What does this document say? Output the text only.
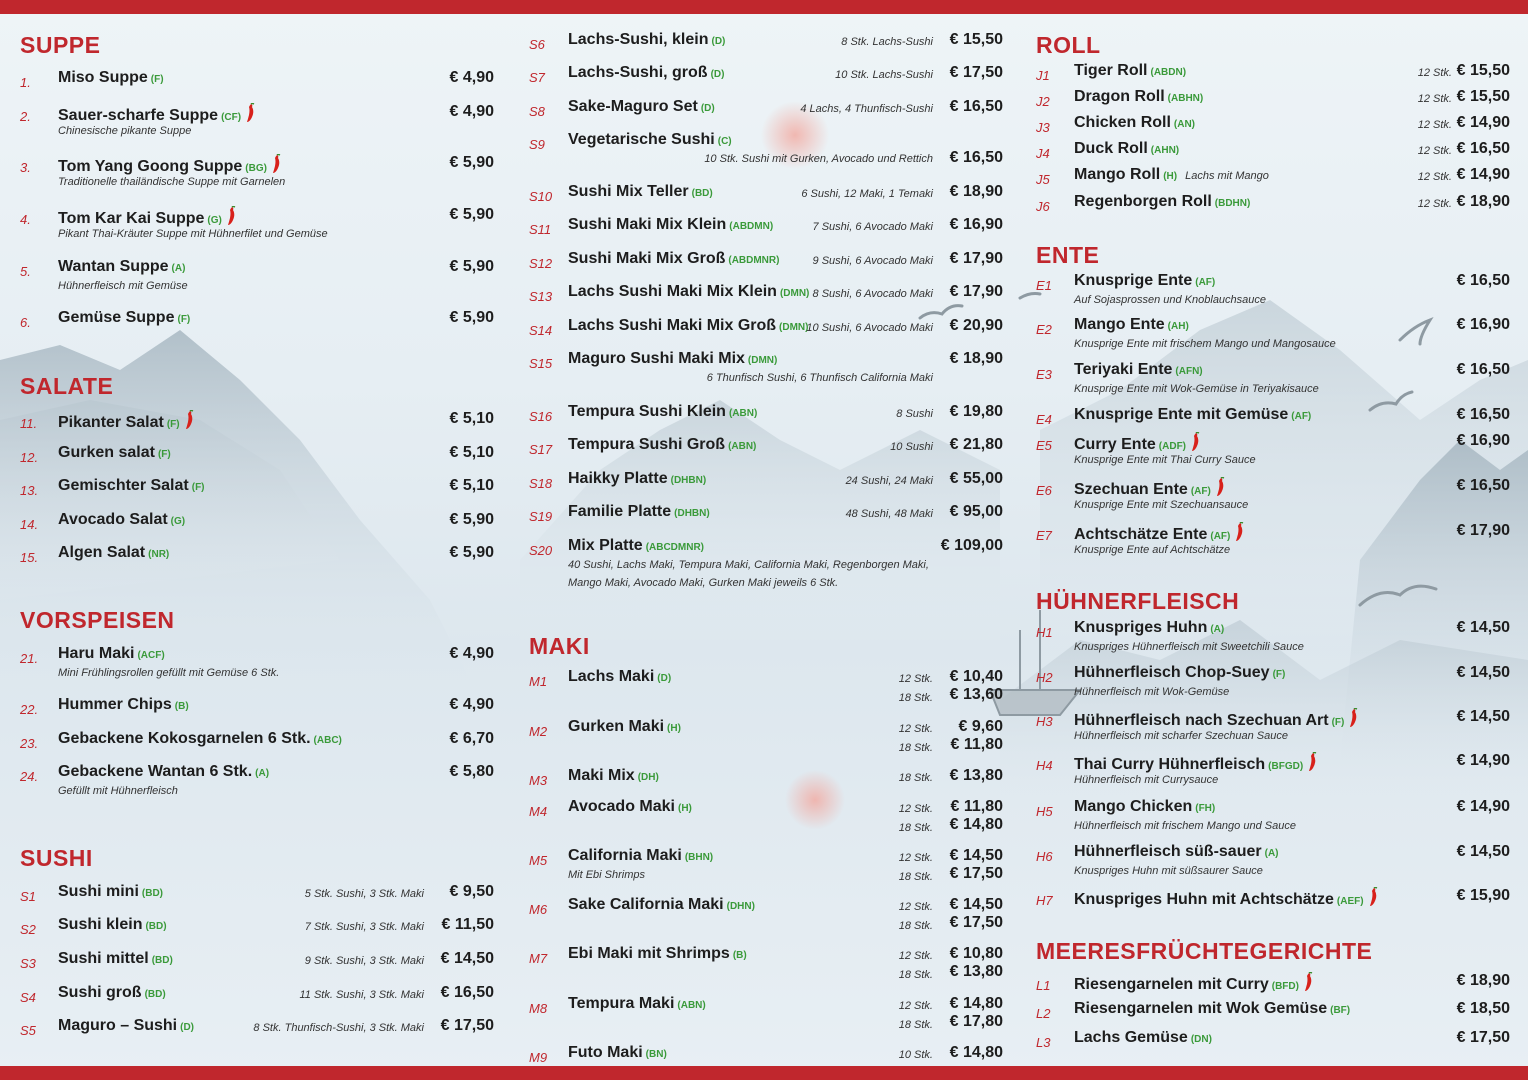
SUPPE
1. Miso Suppe (F)	€ 4,90
2. Sauer-scharfe Suppe (CF)
Chinesische pikante Suppe
€ 4,90
3. Tom Yang Goong Suppe (BG)
Traditionelle thailändische Suppe mit Garnelen
€ 5,90
4. Tom Kar Kai Suppe (G)
Pikant Thai-Kräuter Suppe mit Hühnerfilet und Gemüse
€ 5,90
5. Wantan Suppe (A)
Hühnerfleisch mit Gemüse
€ 5,90
6. Gemüse Suppe (F)	€ 5,90
SALATE
11. Pikanter Salat (F)	€ 5,10
12. Gurken salat (F)	€ 5,10
13. Gemischter Salat (F)	€ 5,10
14. Avocado Salat (G)	€ 5,90
15. Algen Salat (NR)	€ 5,90
VORSPEISEN
21. Haru Maki (ACF)
Mini Frühlingsrollen gefüllt mit Gemüse 6 Stk.
€ 4,90
22. Hummer Chips (B)	€ 4,90
23. Gebackene Kokosgarnelen 6 Stk. (ABC)	€ 6,70
24. Gebackene Wantan 6 Stk. (A)
Gefüllt mit Hühnerfleisch
€ 5,80
SUSHI
S1 Sushi mini (BD)	5 Stk. Sushi, 3 Stk. Maki € 9,50
S2 Sushi klein (BD)	7 Stk. Sushi, 3 Stk. Maki € 11,50
S3 Sushi mittel (BD)	9 Stk. Sushi, 3 Stk. Maki € 14,50
S4 Sushi groß (BD)	11 Stk. Sushi, 3 Stk. Maki € 16,50
S5 Maguro – Sushi (D)	8 Stk. Thunfisch-Sushi, 3 Stk. Maki € 17,50
S6 Lachs-Sushi, klein (D)	8 Stk. Lachs-Sushi € 15,50
S7 Lachs-Sushi, groß (D)	10 Stk. Lachs-Sushi € 17,50
S8 Sake-Maguro Set (D)	4 Lachs, 4 Thunfisch-Sushi € 16,50
S9 Vegetarische Sushi (C)
10 Stk. Sushi mit Gurken, Avocado und Rettich € 16,50
S10 Sushi Mix Teller (BD)	6 Sushi, 12 Maki, 1 Temaki € 18,90
S11 Sushi Maki Mix Klein (ABDMN)	7 Sushi, 6 Avocado Maki € 16,90
S12 Sushi Maki Mix Groß (ABDMNR)	9 Sushi, 6 Avocado Maki € 17,90
S13 Lachs Sushi Maki Mix Klein (DMN) 8 Sushi, 6 Avocado Maki € 17,90
S14 Lachs Sushi Maki Mix Groß (DMN)
10 Sushi, 6 Avocado Maki € 20,90
S15 Maguro Sushi Maki Mix (DMN)
6 Thunfisch Sushi, 6 Thunfisch California Maki
€ 18,90
S16 Tempura Sushi Klein (ABN)	8 Sushi € 19,80
S17 Tempura Sushi Groß (ABN)	10 Sushi € 21,80
S18 Haikky Platte (DHBN)	24 Sushi, 24 Maki € 55,00
S19 Familie Platte (DHBN)	48 Sushi, 48 Maki € 95,00
S20 Mix Platte (ABCDMNR)
40 Sushi, Lachs Maki, Tempura Maki, California Maki, Regenborgen Maki,
Mango Maki, Avocado Maki, Gurken Maki jeweils 6 Stk.
€ 109,00
MAKI
M1 Lachs Maki (D)	12 Stk. € 10,40
18 Stk. € 13,60
M2 Gurken Maki (H)	12 Stk. € 9,60
18 Stk. € 11,80
M3 Maki Mix (DH)	18 Stk. € 13,80
M4 Avocado Maki (H)	12 Stk. € 11,80
18 Stk. € 14,80
M5 California Maki (BHN)
Mit Ebi Shrimps
12 Stk. € 14,50
18 Stk. € 17,50
M6 Sake California Maki (DHN)	12 Stk. € 14,50
18 Stk. € 17,50
M7 Ebi Maki mit Shrimps (B)	12 Stk. € 10,80
18 Stk. € 13,80
M8 Tempura Maki (ABN)	12 Stk. € 14,80
18 Stk. € 17,80
M9 Futo Maki (BN)	10 Stk. € 14,80
ROLL
J1 Tiger Roll (ABDN)	12 Stk. € 15,50
J2 Dragon Roll (ABHN)	12 Stk. € 15,50
J3 Chicken Roll (AN)	12 Stk. € 14,90
J4 Duck Roll (AHN)	12 Stk. € 16,50
J5 Mango Roll (H) Lachs mit Mango	12 Stk. € 14,90
J6 Regenborgen Roll (BDHN)	12 Stk. € 18,90
ENTE
E1 Knusprige Ente (AF)
Auf Sojasprossen und Knoblauchsauce
€ 16,50
E2 Mango Ente (AH)
Knusprige Ente mit frischem Mango und Mangosauce
€ 16,90
E3 Teriyaki Ente (AFN)
Knusprige Ente mit Wok-Gemüse in Teriyakisauce
€ 16,50
E4 Knusprige Ente mit Gemüse (AF)	€ 16,50
E5 Curry Ente (ADF)
Knusprige Ente mit Thai Curry Sauce
€ 16,90
E6 Szechuan Ente (AF)
Knusprige Ente mit Szechuansauce
€ 16,50
E7 Achtschätze Ente (AF)
Knusprige Ente auf Achtschätze
€ 17,90
HÜHNERFLEISCH
H1 Knuspriges Huhn (A)
Knuspriges Hühnerfleisch mit Sweetchili Sauce
€ 14,50
H2 Hühnerfleisch Chop-Suey (F)
Hühnerfleisch mit Wok-Gemüse
€ 14,50
H3 Hühnerfleisch nach Szechuan Art (F)
Hühnerfleisch mit scharfer Szechuan Sauce
€ 14,50
H4 Thai Curry Hühnerfleisch (BFGD)
Hühnerfleisch mit Currysauce
€ 14,90
H5 Mango Chicken (FH)
Hühnerfleisch mit frischem Mango und Sauce
€ 14,90
H6 Hühnerfleisch süß-sauer (A)
Knuspriges Huhn mit süßsaurer Sauce
€ 14,50
H7 Knuspriges Huhn mit Achtschätze (AEF)	€ 15,90
MEERESFRÜCHTEGERICHTE
L1 Riesengarnelen mit Curry (BFD)	€ 18,90
L2 Riesengarnelen mit Wok Gemüse (BF)	€ 18,50
L3 Lachs Gemüse (DN)	€ 17,50
